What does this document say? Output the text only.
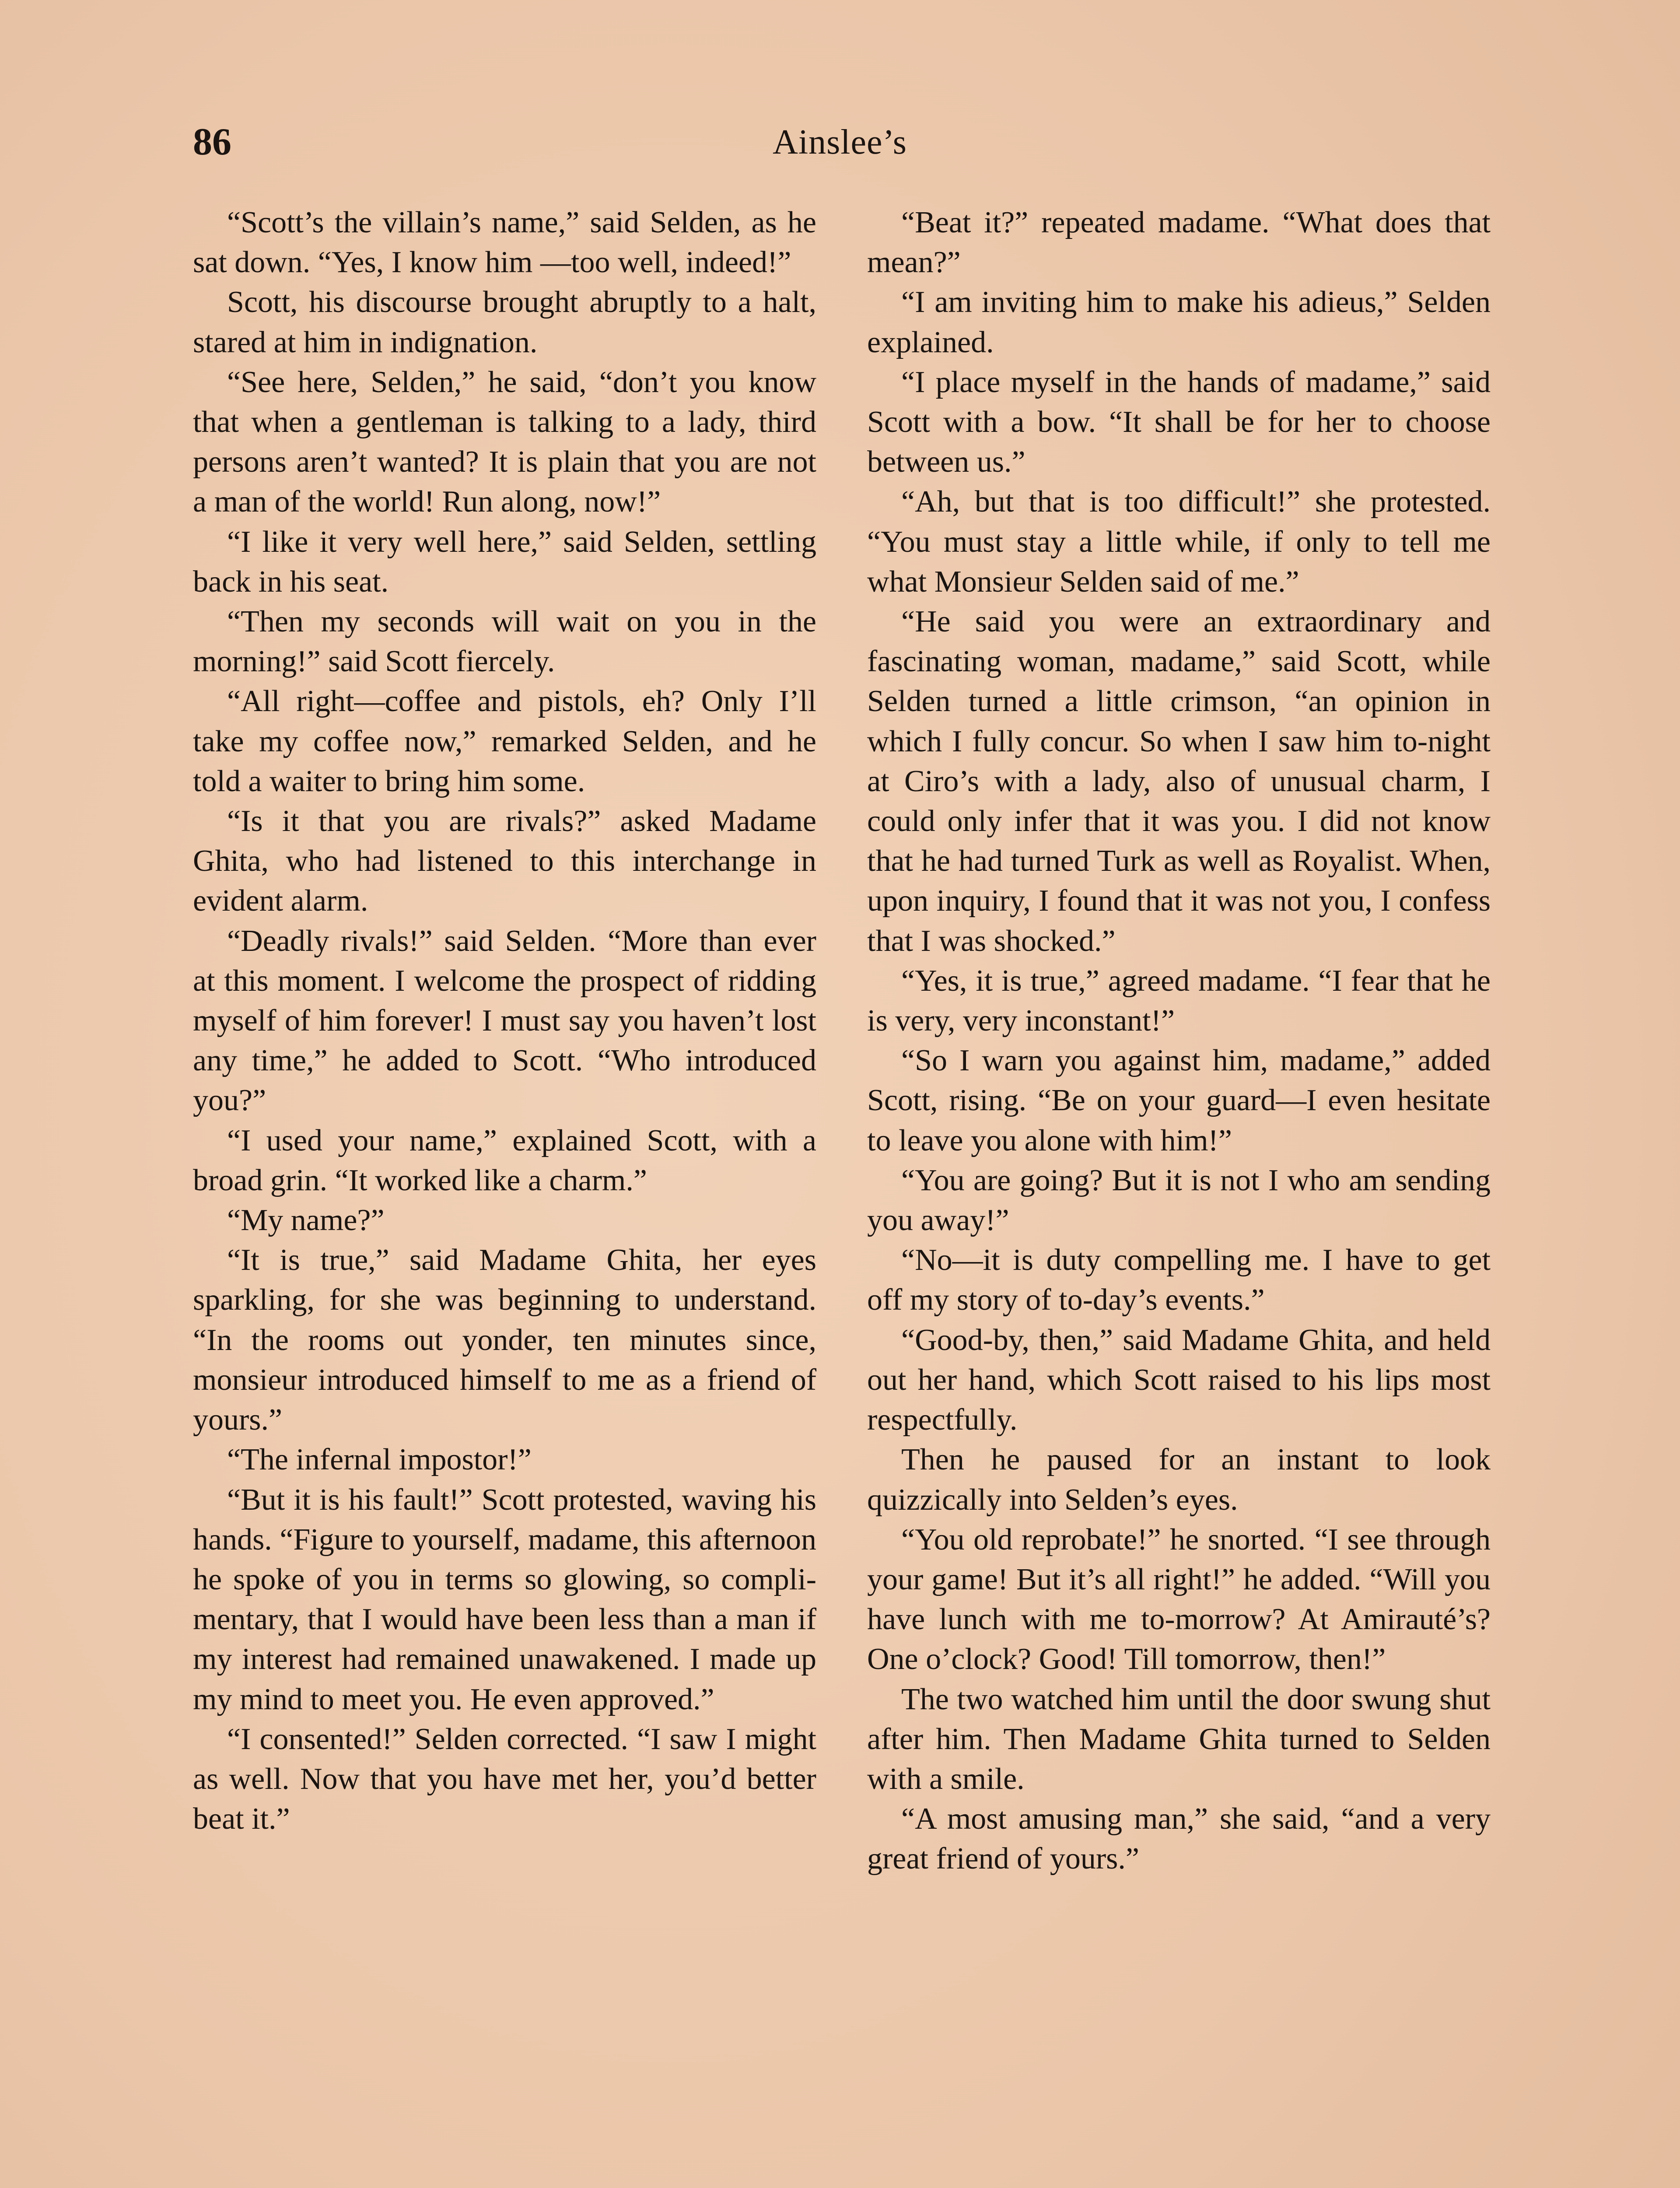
86	Ainslee’s

“Scott’s the villain’s name,” said Selden, as he sat down. “Yes, I know him —too well, indeed!”

Scott, his discourse brought abruptly to a halt, stared at him in indignation.

“See here, Selden,” he said, “don’t you know that when a gentleman is talking to a lady, third persons aren’t wanted? It is plain that you are not a man of the world! Run along, now!”

“I like it very well here,” said Selden, settling back in his seat.

“Then my seconds will wait on you in the morning!” said Scott fiercely.

“All right—coffee and pistols, eh? Only I’ll take my coffee now,” remarked Selden, and he told a waiter to bring him some.

“Is it that you are rivals?” asked Madame Ghita, who had listened to this interchange in evident alarm.

“Deadly rivals!” said Selden. “More than ever at this moment. I welcome the prospect of ridding myself of him forever! I must say you haven’t lost any time,” he added to Scott. “Who introduced you?”

“I used your name,” explained Scott, with a broad grin. “It worked like a charm.”

“My name?”

“It is true,” said Madame Ghita, her eyes sparkling, for she was beginning to understand. “In the rooms out yonder, ten minutes since, monsieur introduced himself to me as a friend of yours.”

“The infernal impostor!”

“But it is his fault!” Scott protested, waving his hands. “Figure to yourself, madame, this afternoon he spoke of you in terms so glowing, so complimentary, that I would have been less than a man if my interest had remained unawakened. I made up my mind to meet you. He even approved.”

“I consented!” Selden corrected. “I saw I might as well. Now that you have met her, you’d better beat it.”

“Beat it?” repeated madame. “What does that mean?”

“I am inviting him to make his adieus,” Selden explained.

“I place myself in the hands of madame,” said Scott with a bow. “It shall be for her to choose between us.”

“Ah, but that is too difficult!” she protested. “You must stay a little while, if only to tell me what Monsieur Selden said of me.”

“He said you were an extraordinary and fascinating woman, madame,” said Scott, while Selden turned a little crimson, “an opinion in which I fully concur. So when I saw him to-night at Ciro’s with a lady, also of unusual charm, I could only infer that it was you. I did not know that he had turned Turk as well as Royalist. When, upon inquiry, I found that it was not you, I confess that I was shocked.”

“Yes, it is true,” agreed madame. “I fear that he is very, very inconstant!”

“So I warn you against him, madame,” added Scott, rising. “Be on your guard—I even hesitate to leave you alone with him!”

“You are going? But it is not I who am sending you away!”

“No—it is duty compelling me. I have to get off my story of to-day’s events.”

“Good-by, then,” said Madame Ghita, and held out her hand, which Scott raised to his lips most respectfully.

Then he paused for an instant to look quizzically into Selden’s eyes.

“You old reprobate!” he snorted. “I see through your game! But it’s all right!” he added. “Will you have lunch with me to-morrow? At Amirauté’s? One o’clock? Good! Till tomorrow, then!”

The two watched him until the door swung shut after him. Then Madame Ghita turned to Selden with a smile.

“A most amusing man,” she said, “and a very great friend of yours.”
